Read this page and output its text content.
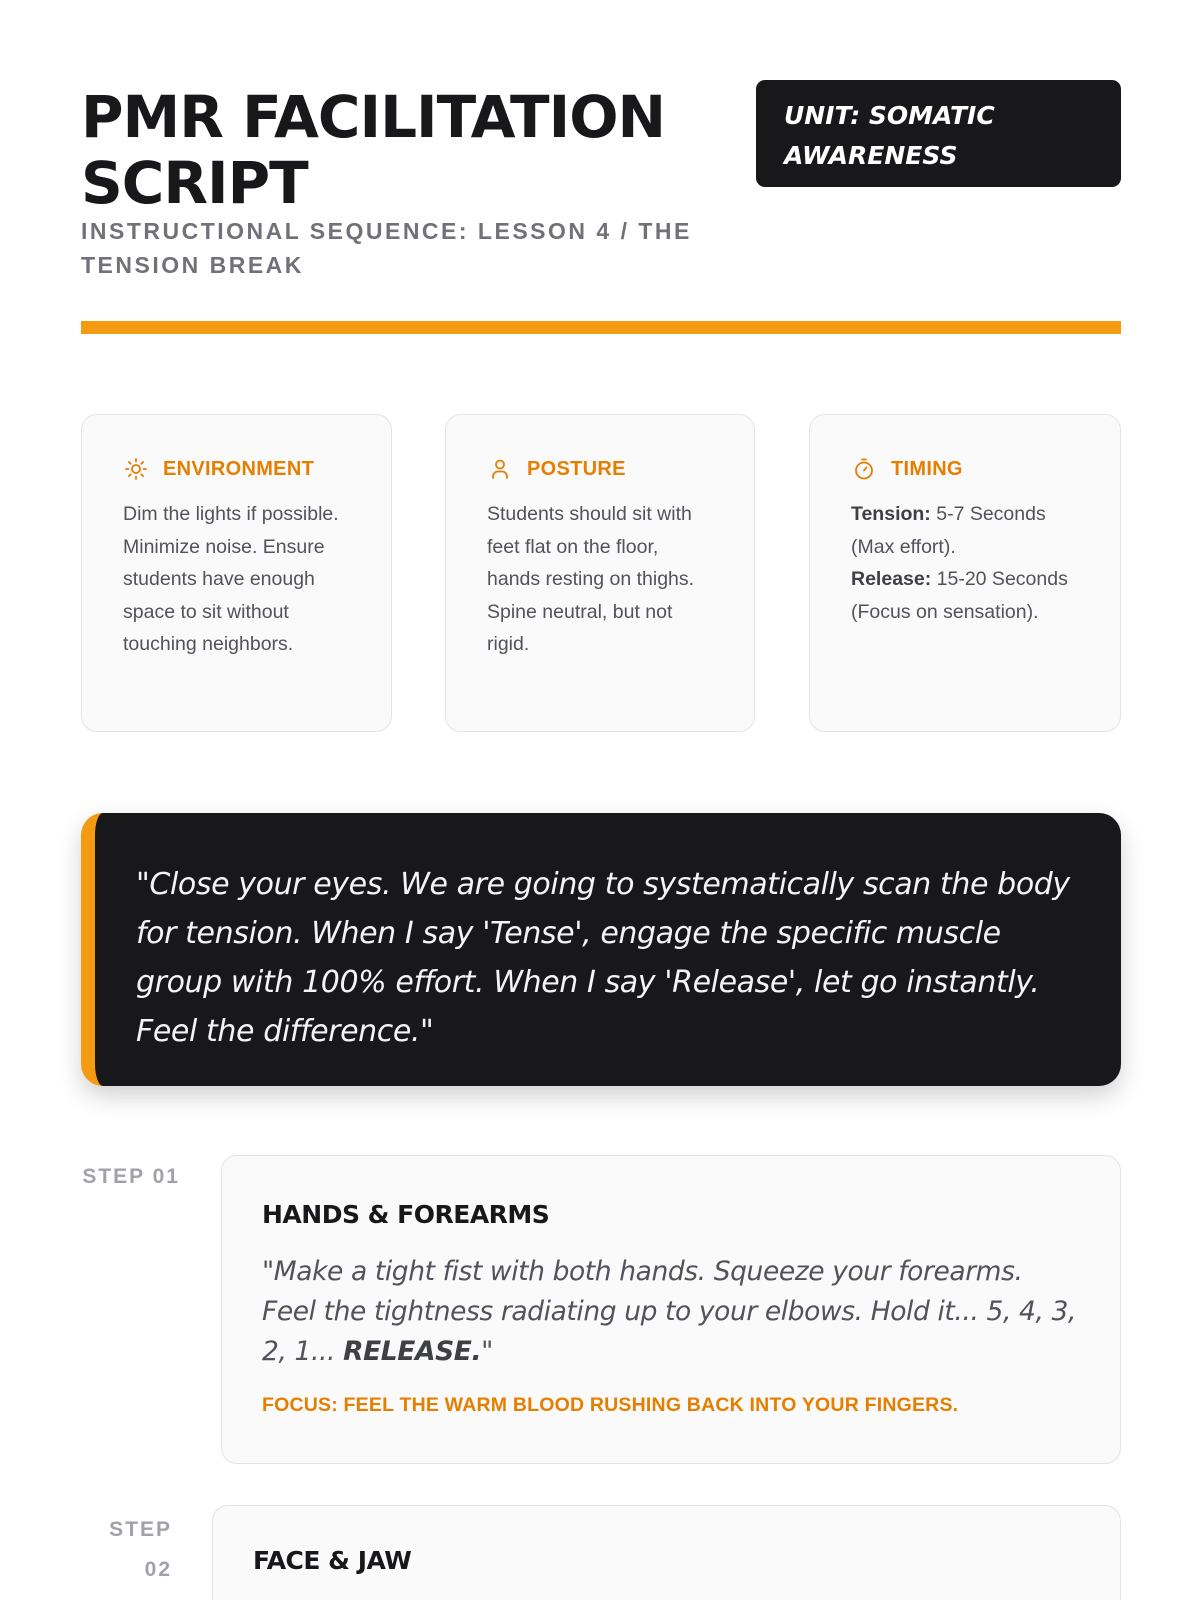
PMR FACILITATION SCRIPT
INSTRUCTIONAL SEQUENCE: LESSON 4 / THE TENSION BREAK
UNIT: SOMATIC AWARENESS
ENVIRONMENT

Dim the lights if possible. Minimize noise. Ensure students have enough space to sit without touching neighbors.

POSTURE

Students should sit with feet flat on the floor, hands resting on thighs. Spine neutral, but not rigid.

TIMING

Tension: 5-7 Seconds (Max effort).
Release: 15-20 Seconds (Focus on sensation).

"Close your eyes. We are going to systematically scan the body for tension. When I say 'Tense', engage the specific muscle group with 100% effort. When I say 'Release', let go instantly. Feel the difference."

STEP 01
HANDS & FOREARMS

"Make a tight fist with both hands. Squeeze your forearms. Feel the tightness radiating up to your elbows. Hold it... 5, 4, 3, 2, 1... RELEASE."

FOCUS: FEEL THE WARM BLOOD RUSHING BACK INTO YOUR FINGERS.

STEP 02	FACE & JAW
